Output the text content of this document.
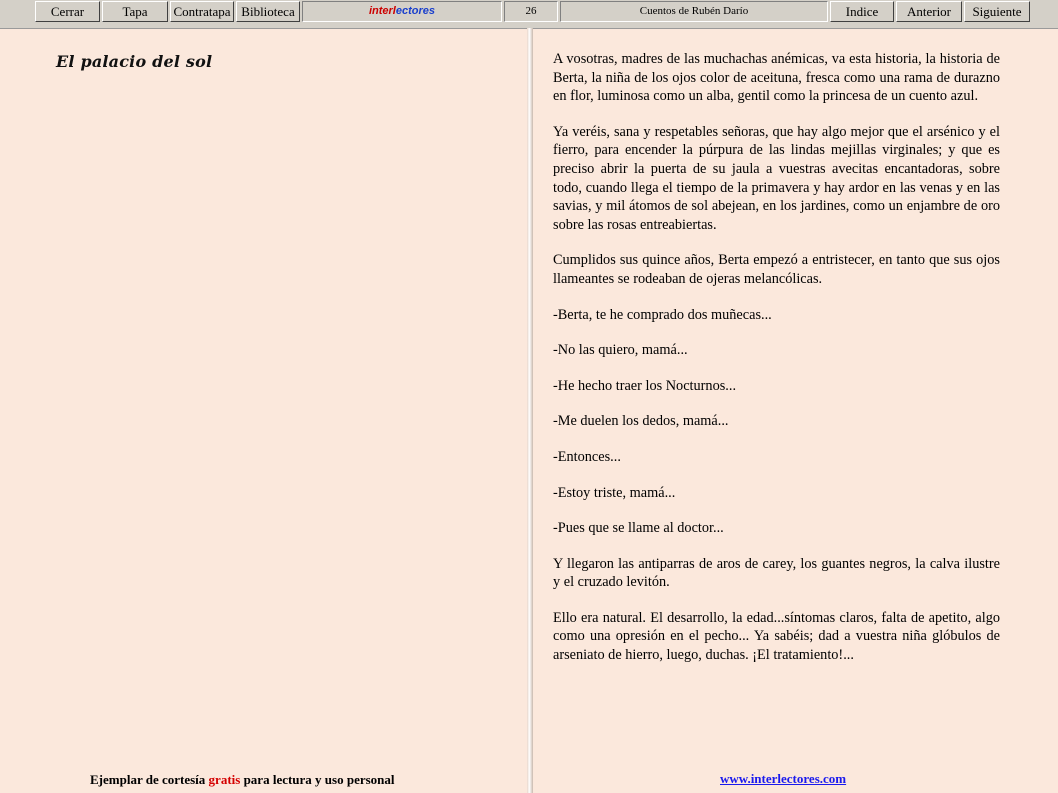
Cerrar	Tapa	Contratapa Biblioteca	interlectores	26	Cuentos de Rubén Darío	Indice	Anterior	Siguiente
El palacio del sol	A vosotras, madres de las muchachas anémicas, va esta historia, la historia de Berta, la niña de los ojos color de aceituna, fresca como una rama de durazno en flor, luminosa como un alba, gentil como la princesa de un cuento azul.

Ya veréis, sana y respetables señoras, que hay algo mejor que el arsénico y el fierro, para encender la púrpura de las lindas mejillas virginales; y que es preciso abrir la puerta de su jaula a vuestras avecitas encantadoras, sobre todo, cuando llega el tiempo de la primavera y hay ardor en las venas y en las savias, y mil átomos de sol abejean, en los jardines, como un enjambre de oro sobre las rosas entreabiertas.

Cumplidos sus quince años, Berta empezó a entristecer, en tanto que sus ojos llameantes se rodeaban de ojeras melancólicas.

-Berta, te he comprado dos muñecas...

-No las quiero, mamá...

-He hecho traer los Nocturnos...

-Me duelen los dedos, mamá...

-Entonces...

-Estoy triste, mamá...

-Pues que se llame al doctor...

Y llegaron las antiparras de aros de carey, los guantes negros, la calva ilustre y el cruzado levitón.

Ello era natural. El desarrollo, la edad...síntomas claros, falta de apetito, algo como una opresión en el pecho... Ya sabéis; dad a vuestra niña glóbulos de arseniato de hierro, luego, duchas. ¡El tratamiento!...

Ejemplar de cortesía gratis para lectura y uso personal	www.interlectores.com
